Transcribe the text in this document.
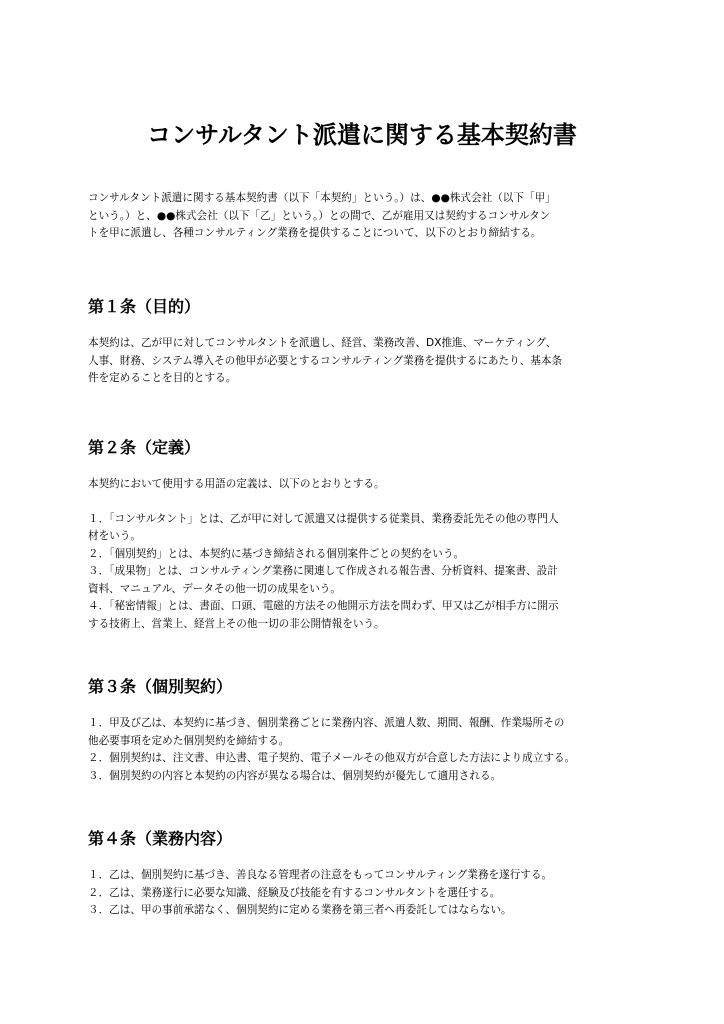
コンサルタント派遣に関する基本契約書
コンサルタント派遣に関する基本契約書（以下「本契約」という。）は、●●株式会社（以下「甲」
という。）と、●●株式会社（以下「乙」という。）との間で、乙が雇用又は契約するコンサルタン
トを甲に派遣し、各種コンサルティング業務を提供することについて、以下のとおり締結する。
第１条（目的）
本契約は、乙が甲に対してコンサルタントを派遣し、経営、業務改善、DX推進、マーケティング、
人事、財務、システム導入その他甲が必要とするコンサルティング業務を提供するにあたり、基本条
件を定めることを目的とする。
第２条（定義）
本契約において使用する用語の定義は、以下のとおりとする。
１．「コンサルタント」とは、乙が甲に対して派遣又は提供する従業員、業務委託先その他の専門人
材をいう。
２．「個別契約」とは、本契約に基づき締結される個別案件ごとの契約をいう。
３．「成果物」とは、コンサルティング業務に関連して作成される報告書、分析資料、提案書、設計
資料、マニュアル、データその他一切の成果をいう。
４．「秘密情報」とは、書面、口頭、電磁的方法その他開示方法を問わず、甲又は乙が相手方に開示
する技術上、営業上、経営上その他一切の非公開情報をいう。
第３条（個別契約）
１．甲及び乙は、本契約に基づき、個別業務ごとに業務内容、派遣人数、期間、報酬、作業場所その
他必要事項を定めた個別契約を締結する。
２．個別契約は、注文書、申込書、電子契約、電子メールその他双方が合意した方法により成立する。
３．個別契約の内容と本契約の内容が異なる場合は、個別契約が優先して適用される。
第４条（業務内容）
１．乙は、個別契約に基づき、善良なる管理者の注意をもってコンサルティング業務を遂行する。
２．乙は、業務遂行に必要な知識、経験及び技能を有するコンサルタントを選任する。
３．乙は、甲の事前承諾なく、個別契約に定める業務を第三者へ再委託してはならない。
